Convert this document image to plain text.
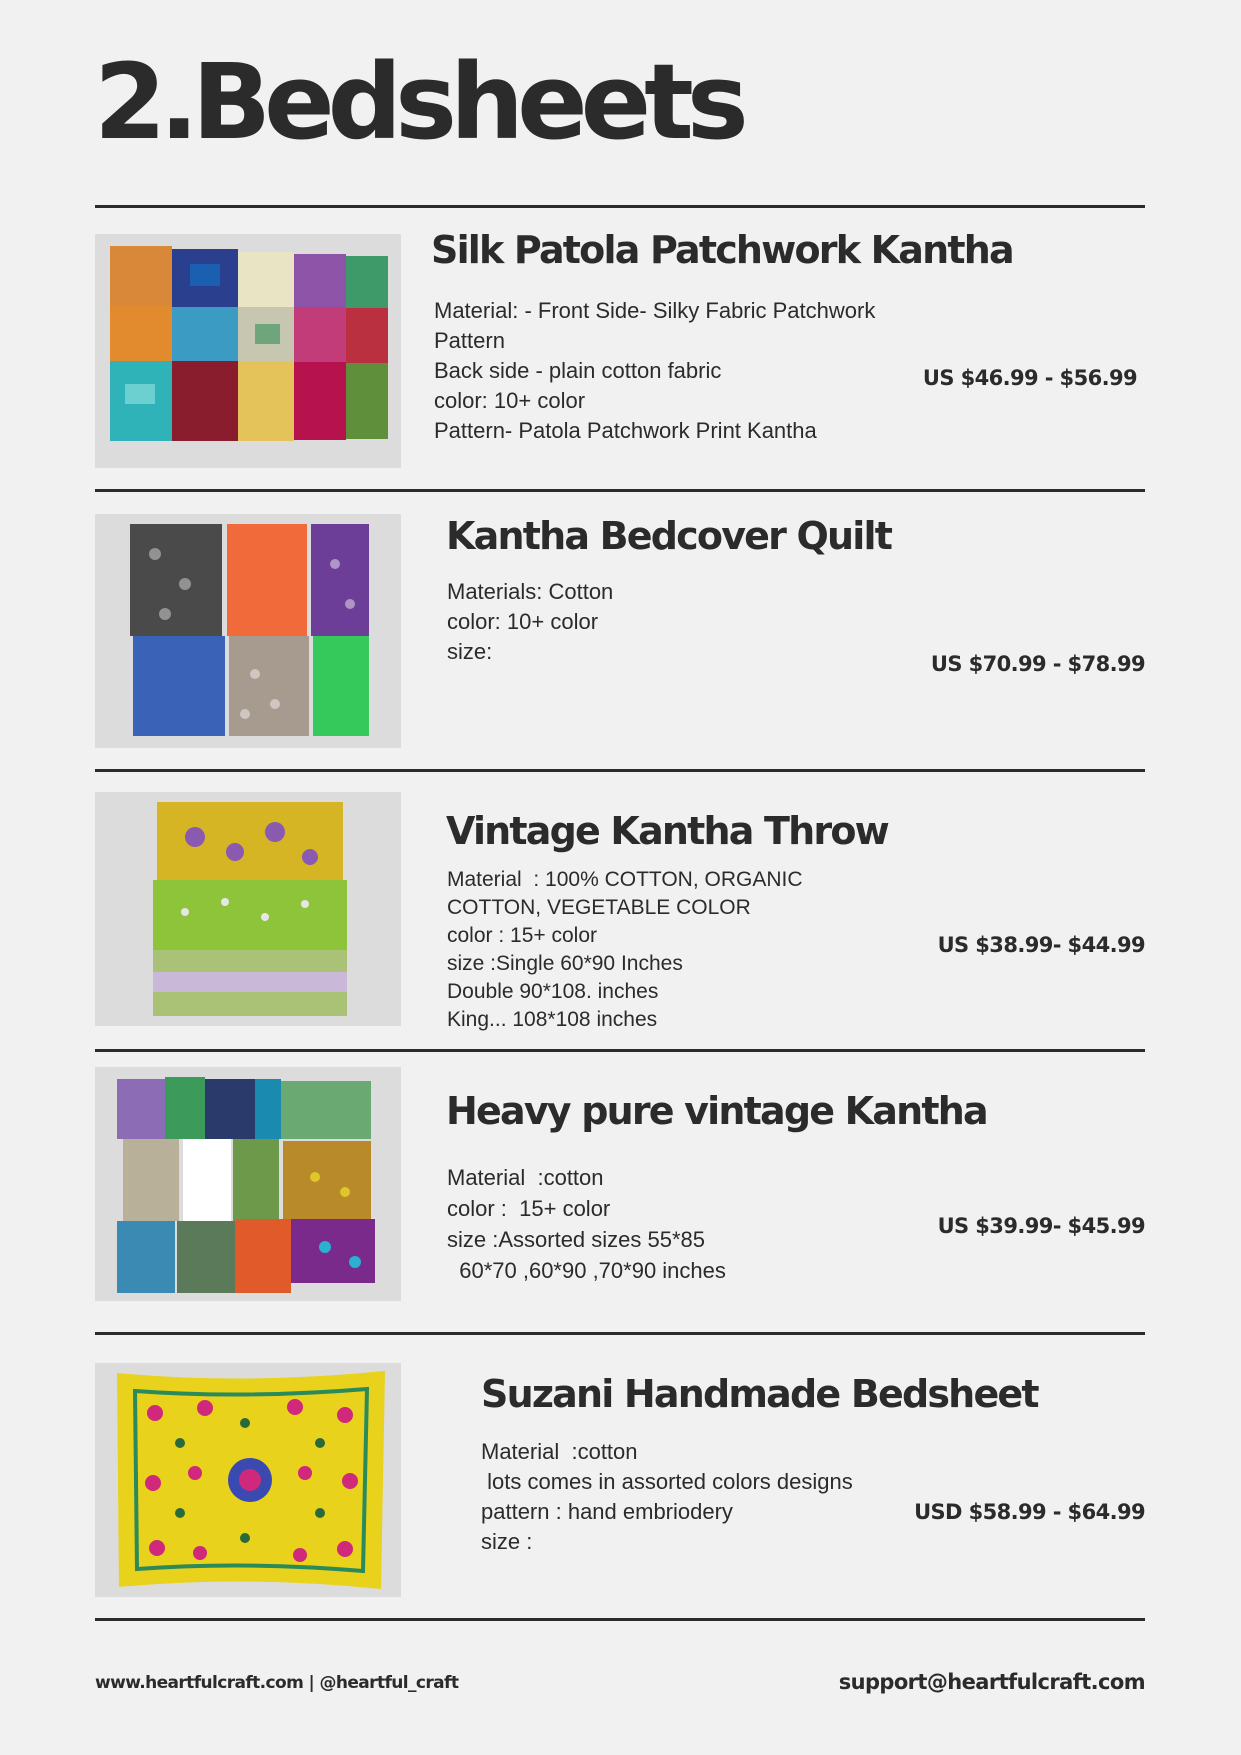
2.Bedsheets
Silk Patola Patchwork Kantha
Material: - Front Side- Silky Fabric Patchwork
Pattern
Back side - plain cotton fabric
color: 10+ color
Pattern- Patola Patchwork Print Kantha

US $46.99 - $56.99

Kantha Bedcover Quilt
Materials: Cotton
color: 10+ color
size:	US $70.99 - $78.99

Vintage Kantha Throw
Material  : 100% COTTON, ORGANIC
COTTON, VEGETABLE COLOR
color : 15+ color
size :Single 60*90 Inches
Double 90*108. inches
King... 108*108 inches

US $38.99- $44.99

Heavy pure vintage Kantha
Material  :cotton
color :  15+ color
size :Assorted sizes 55*85
60*70 ,60*90 ,70*90 inches

US $39.99- $45.99

Suzani Handmade Bedsheet
Material  :cotton
lots comes in assorted colors designs
pattern : hand embriodery
size :

USD $58.99 - $64.99

www.heartfulcraft.com | @heartful_craft	support@heartfulcraft.com
